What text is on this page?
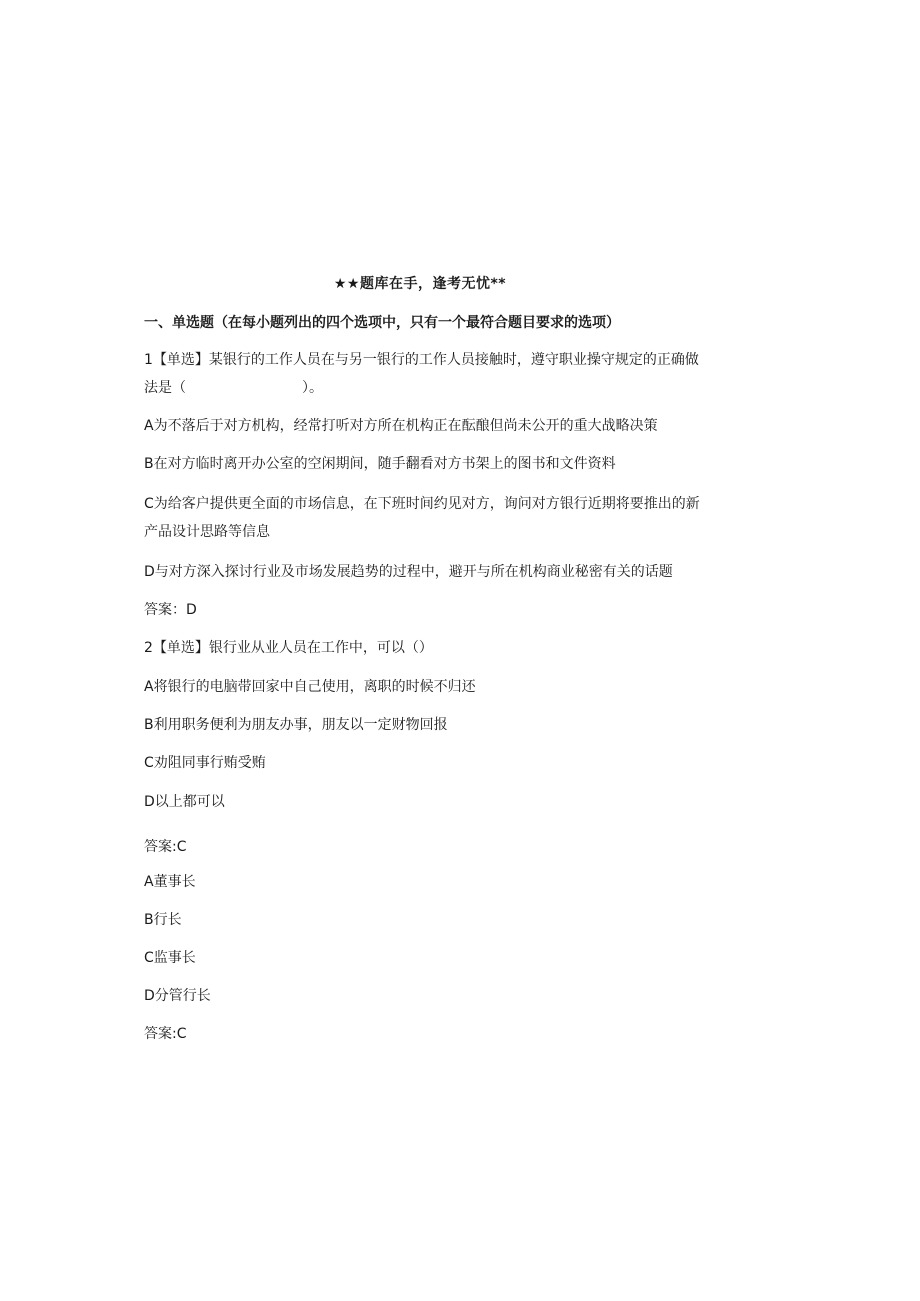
★★题库在手，逢考无忧**
一、单选题（在每小题列出的四个选项中，只有一个最符合题目要求的选项）
1【单选】某银行的工作人员在与另一银行的工作人员接触时，遵守职业操守规定的正确做法是（	）。
A为不落后于对方机构，经常打听对方所在机构正在酝酿但尚未公开的重大战略决策
B在对方临时离开办公室的空闲期间，随手翻看对方书架上的图书和文件资料
C为给客户提供更全面的市场信息，在下班时间约见对方，询问对方银行近期将要推出的新产品设计思路等信息
D与对方深入探讨行业及市场发展趋势的过程中，避开与所在机构商业秘密有关的话题
答案：D
2【单选】银行业从业人员在工作中，可以（）
A将银行的电脑带回家中自己使用，离职的时候不归还
B利用职务便利为朋友办事，朋友以一定财物回报
C劝阻同事行贿受贿
D以上都可以
答案:C
A董事长
B行长
C监事长
D分管行长
答案:C
